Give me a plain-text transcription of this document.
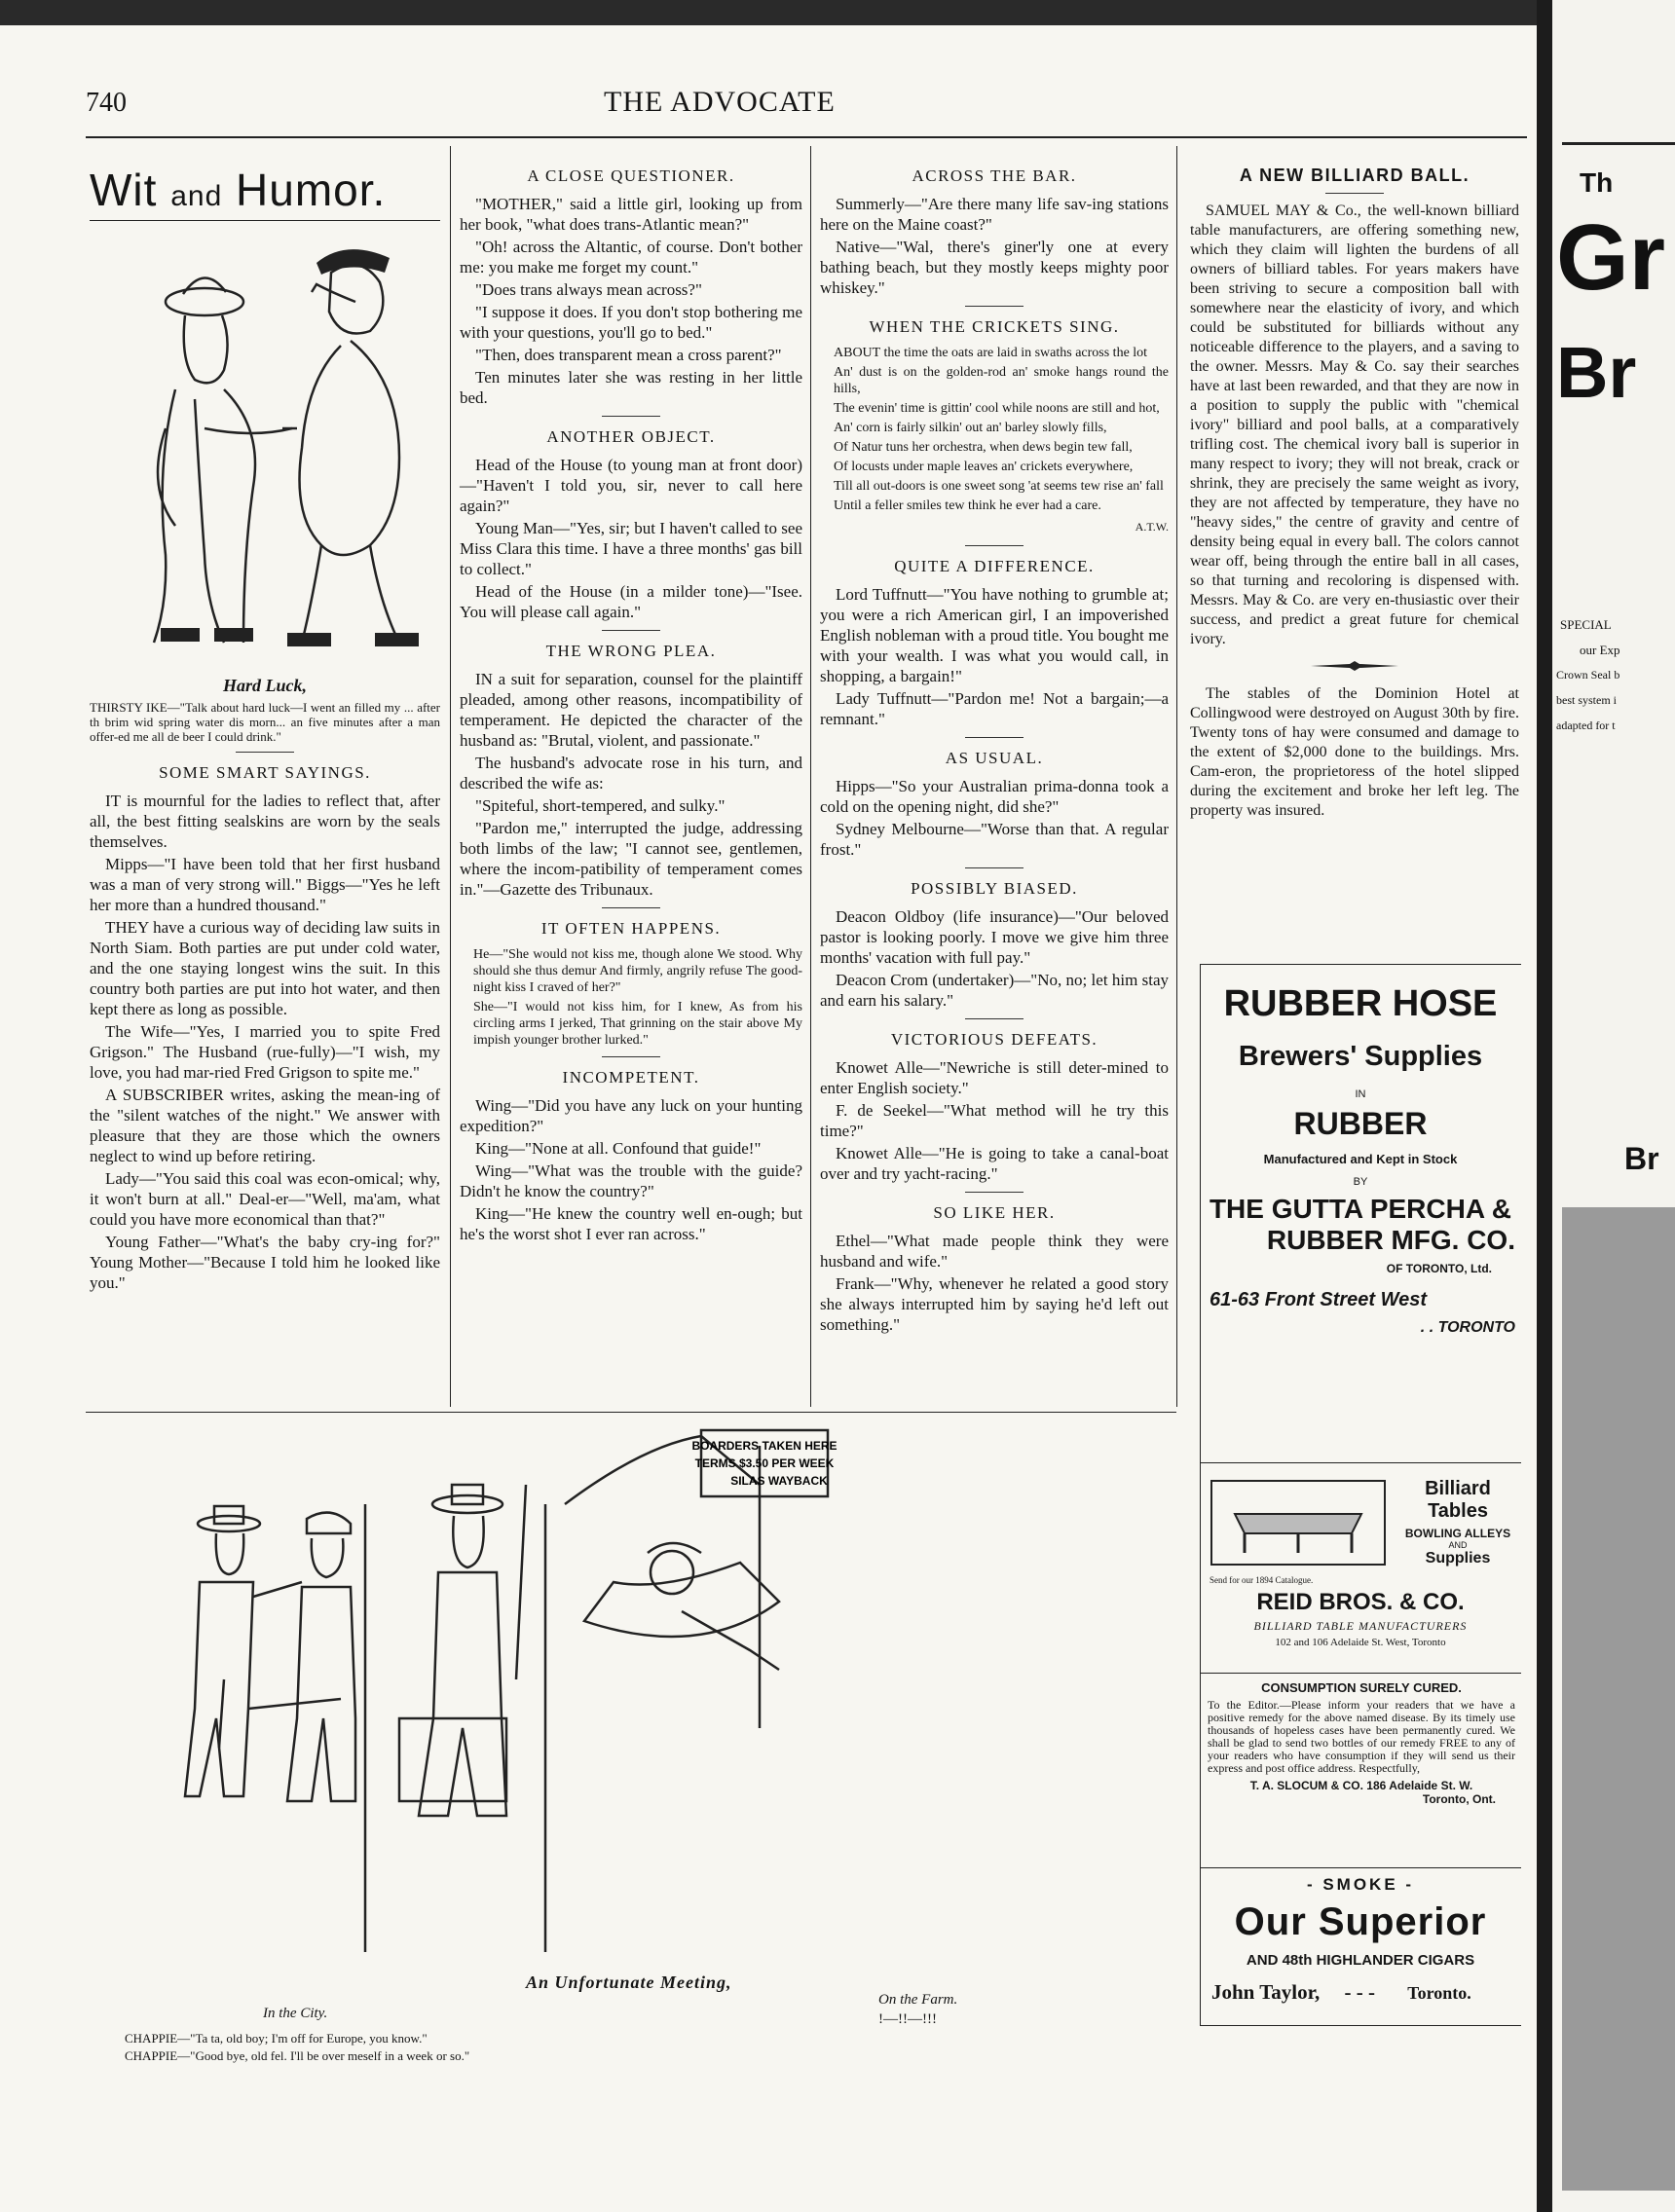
740	THE ADVOCATE
Wit and Humor.
Hard Luck,
THIRSTY IKE—"Talk about hard luck—I went an filled my ... after th brim wid spring water dis morn... an five minutes after a man offer-ed me all de beer I could drink."
SOME SMART SAYINGS.

IT is mournful for the ladies to reflect that, after all, the best fitting sealskins are worn by the seals themselves.

Mipps—"I have been told that her first husband was a man of very strong will." Biggs—"Yes he left her more than a hundred thousand."

THEY have a curious way of deciding law suits in North Siam. Both parties are put under cold water, and the one staying longest wins the suit. In this country both parties are put into hot water, and then kept there as long as possible.

The Wife—"Yes, I married you to spite Fred Grigson." The Husband (rue-fully)—"I wish, my love, you had mar-ried Fred Grigson to spite me."

A SUBSCRIBER writes, asking the mean-ing of the "silent watches of the night." We answer with pleasure that they are those which the owners neglect to wind up before retiring.

Lady—"You said this coal was econ-omical; why, it won't burn at all." Deal-er—"Well, ma'am, what could you have more economical than that?"

Young Father—"What's the baby cry-ing for?" Young Mother—"Because I told him he looked like you."

A CLOSE QUESTIONER.

"MOTHER," said a little girl, looking up from her book, "what does trans-Atlantic mean?"

"Oh! across the Altantic, of course. Don't bother me: you make me forget my count."

"Does trans always mean across?"

"I suppose it does. If you don't stop bothering me with your questions, you'll go to bed."

"Then, does transparent mean a cross parent?"

Ten minutes later she was resting in her little bed.

ANOTHER OBJECT.

Head of the House (to young man at front door)—"Haven't I told you, sir, never to call here again?"

Young Man—"Yes, sir; but I haven't called to see Miss Clara this time. I have a three months' gas bill to collect."

Head of the House (in a milder tone)—"Isee. You will please call again."

THE WRONG PLEA.

IN a suit for separation, counsel for the plaintiff pleaded, among other reasons, incompatibility of temperament. He depicted the character of the husband as: "Brutal, violent, and passionate."

The husband's advocate rose in his turn, and described the wife as:

"Spiteful, short-tempered, and sulky."

"Pardon me," interrupted the judge, addressing both limbs of the law; "I cannot see, gentlemen, where the incom-patibility of temperament comes in."—Gazette des Tribunaux.

IT OFTEN HAPPENS.
He—"She would not kiss me, though alone We stood. Why should she thus demur And firmly, angrily refuse The good-night kiss I craved of her?"
She—"I would not kiss him, for I knew, As from his circling arms I jerked, That grinning on the stair above My impish younger brother lurked."
INCOMPETENT.

Wing—"Did you have any luck on your hunting expedition?"

King—"None at all. Confound that guide!"

Wing—"What was the trouble with the guide? Didn't he know the country?"

King—"He knew the country well en-ough; but he's the worst shot I ever ran across."

ACROSS THE BAR.

Summerly—"Are there many life sav-ing stations here on the Maine coast?"

Native—"Wal, there's giner'ly one at every bathing beach, but they mostly keeps mighty poor whiskey."

WHEN THE CRICKETS SING.
ABOUT the time the oats are laid in swaths across the lot
An' dust is on the golden-rod an' smoke hangs round the hills,
The evenin' time is gittin' cool while noons are still and hot,
An' corn is fairly silkin' out an' barley slowly fills,
Of Natur tuns her orchestra, when dews begin tew fall,
Of locusts under maple leaves an' crickets everywhere,
Till all out-doors is one sweet song 'at seems tew rise an' fall
Until a feller smiles tew think he ever had a care.
A.T.W.
QUITE A DIFFERENCE.

Lord Tuffnutt—"You have nothing to grumble at; you were a rich American girl, I an impoverished English nobleman with a proud title. You bought me with your wealth. I was what you would call, in shopping, a bargain!"

Lady Tuffnutt—"Pardon me! Not a bargain;—a remnant."

AS USUAL.

Hipps—"So your Australian prima-donna took a cold on the opening night, did she?"

Sydney Melbourne—"Worse than that. A regular frost."

POSSIBLY BIASED.

Deacon Oldboy (life insurance)—"Our beloved pastor is looking poorly. I move we give him three months' vacation with full pay."

Deacon Crom (undertaker)—"No, no; let him stay and earn his salary."

VICTORIOUS DEFEATS.

Knowet Alle—"Newriche is still deter-mined to enter English society."

F. de Seekel—"What method will he try this time?"

Knowet Alle—"He is going to take a canal-boat over and try yacht-racing."

SO LIKE HER.

Ethel—"What made people think they were husband and wife."

Frank—"Why, whenever he related a good story she always interrupted him by saying he'd left out something."

A NEW BILLIARD BALL.

SAMUEL MAY & Co., the well-known billiard table manufacturers, are offering something new, which they claim will lighten the burdens of all owners of billiard tables. For years makers have been striving to secure a composition ball with somewhere near the elasticity of ivory, and which could be substituted for billiards without any noticeable difference to the players, and a saving to the owner. Messrs. May & Co. say their searches have at last been rewarded, and that they are now in a position to supply the public with "chemical ivory" billiard and pool balls, at a comparatively trifling cost. The chemical ivory ball is superior in many respect to ivory; they will not break, crack or shrink, they are precisely the same weight as ivory, they are not affected by temperature, they have no "heavy sides," the centre of gravity and centre of density being equal in every ball. The colors cannot wear off, being through the entire ball in all cases, so that turning and recoloring is dispensed with. Messrs. May & Co. are very en-thusiastic over their success, and predict a great future for chemical ivory.

The stables of the Dominion Hotel at Collingwood were destroyed on August 30th by fire. Twenty tons of hay were consumed and damage to the extent of $2,000 done to the buildings. Mrs. Cam-eron, the proprietoress of the hotel slipped during the excitement and broke her left leg. The property was insured.

RUBBER HOSE
Brewers' Supplies
IN
RUBBER
Manufactured and Kept in Stock
BY
THE GUTTA PERCHA &
RUBBER MFG. CO.
OF TORONTO, Ltd.
61-63 Front Street West
. . TORONTO
Billiard Tables
BOWLING ALLEYS
AND
Supplies
Send for our 1894 Catalogue.
REID BROS. & CO.
BILLIARD TABLE MANUFACTURERS
102 and 106 Adelaide St. West, Toronto
CONSUMPTION SURELY CURED.
To the Editor.—Please inform your readers that we have a positive remedy for the above named disease. By its timely use thousands of hopeless cases have been permanently cured. We shall be glad to send two bottles of our remedy FREE to any of your readers who have consumption if they will send us their express and post office address. Respectfully,
T. A. SLOCUM & CO. 186 Adelaide St. W.
Toronto, Ont.
- SMOKE -
Our Superior
AND 48th HIGHLANDER CIGARS
John Taylor, - - - Toronto.
BOARDERS TAKEN HERE
TERMS $3.50 PER WEEK
SILAS WAYBACK
In the City.
An Unfortunate Meeting,
On the Farm.
!—!!—!!!
CHAPPIE—"Ta ta, old boy; I'm off for Europe, you know."
CHAPPIE—"Good bye, old fel. I'll be over meself in a week or so."
Th
Gr
Br
SPECIAL
our Exp
Crown Seal b
best system i
adapted for t
Br
